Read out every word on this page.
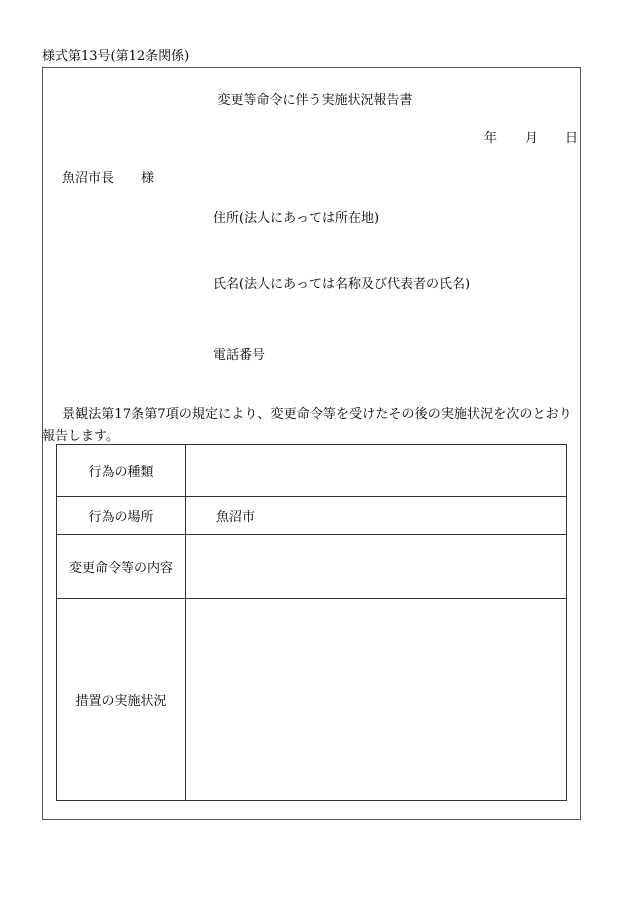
様式第13号(第12条関係)
変更等命令に伴う実施状況報告書
年 月 日
魚沼市長 様
住所(法人にあっては所在地)
氏名(法人にあっては名称及び代表者の氏名)
電話番号
景観法第17条第7項の規定により、変更命令等を受けたその後の実施状況を次のとおり
報告します。
行為の種類	
行為の場所	魚沼市
変更命令等の内容	
措置の実施状況	
